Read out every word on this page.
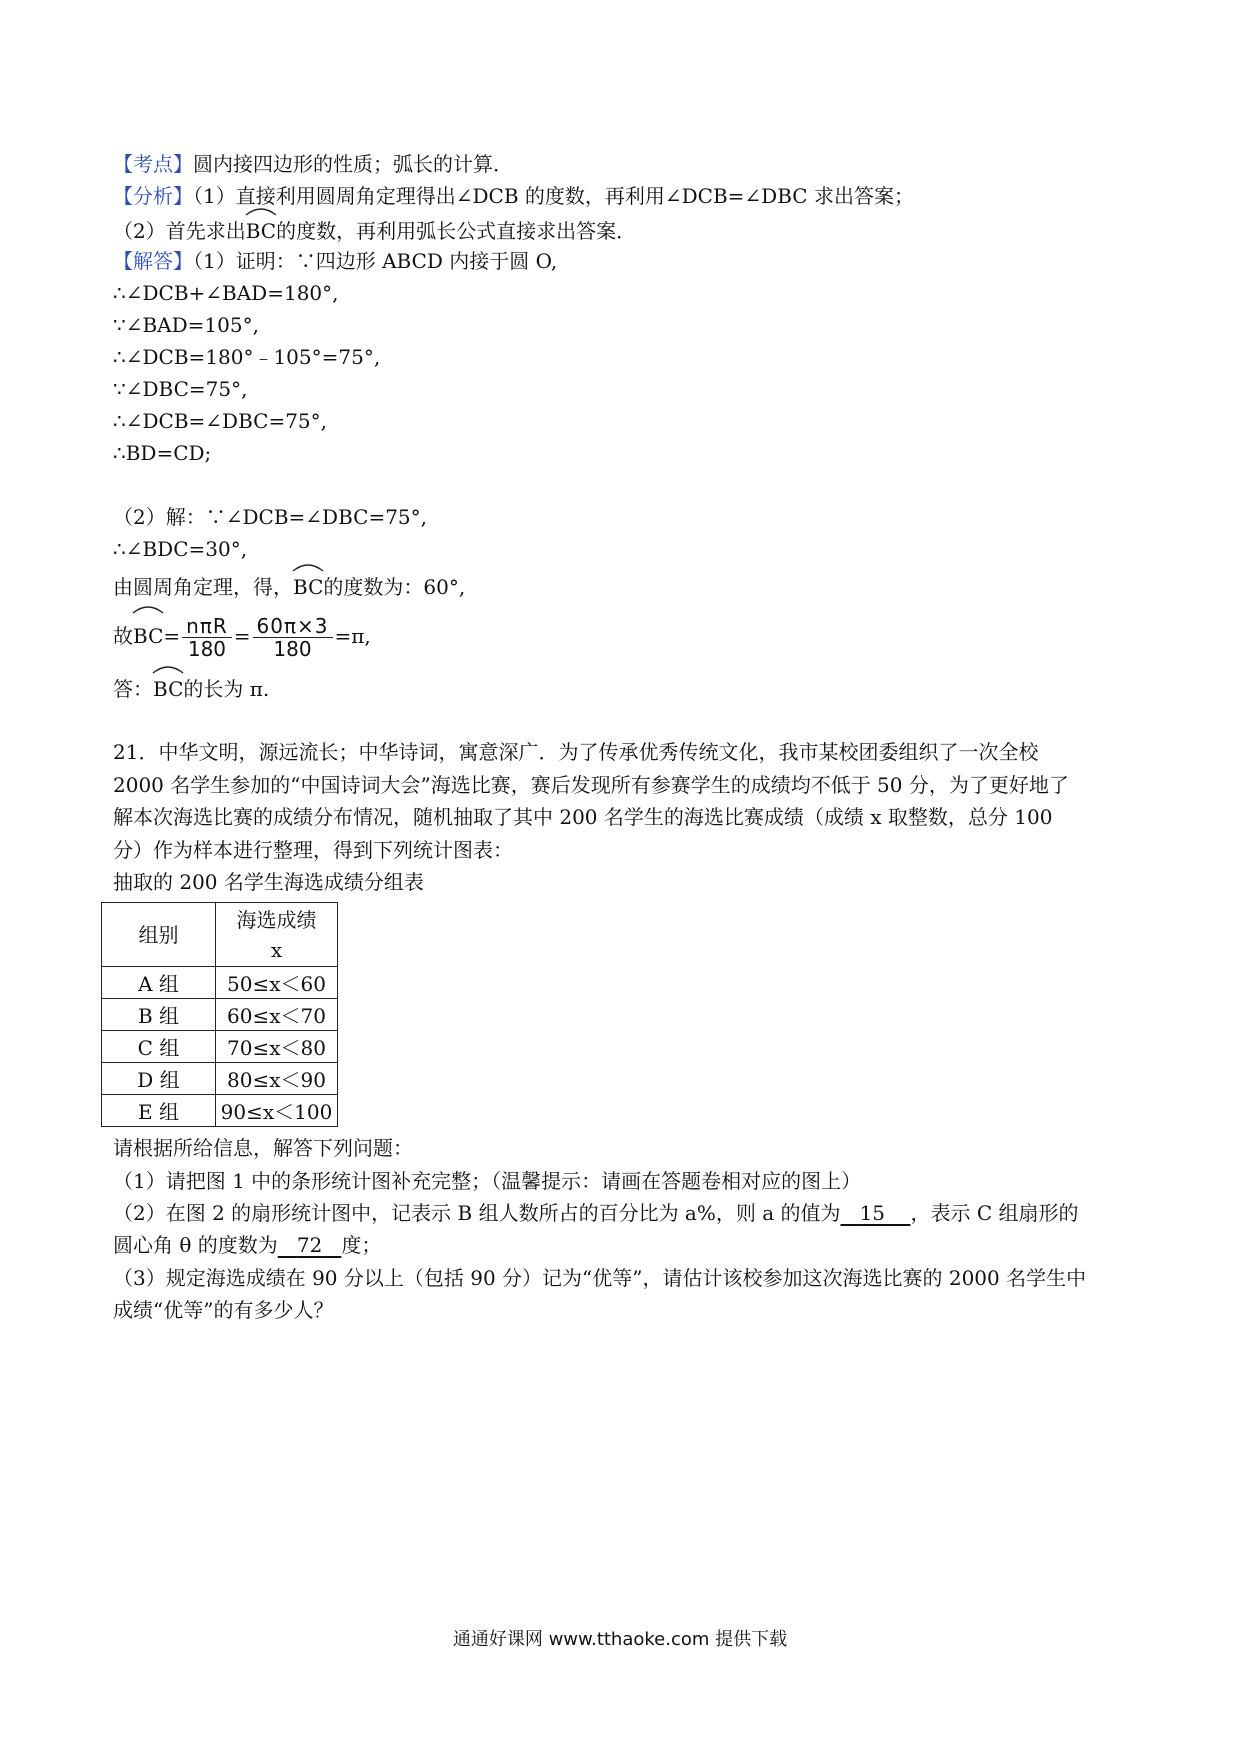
【考点】圆内接四边形的性质；弧长的计算．
【分析】（1）直接利用圆周角定理得出∠DCB 的度数，再利用∠DCB=∠DBC 求出答案；
（2）首先求出
BC的度数，再利用弧长公式直接求出答案．
【解答】（1）证明：∵四边形 ABCD 内接于圆 O,
∴∠DCB+∠BAD=180°,
∵∠BAD=105°,
∴∠DCB=180°﹣105°=75°,
∵∠DBC=75°,
∴∠DCB=∠DBC=75°,
∴BD=CD;
（2）解：∵∠DCB=∠DBC=75°,
∴∠BDC=30°,
由圆周角定理，得，
BC的度数为：60°,
故
$BC= \frac{\text{nπR}}{180} = \frac{60\pi\times 3}{180} =\pi$,
答：
BC的长为 π.
21．中华文明，源远流长；中华诗词，寓意深广．为了传承优秀传统文化，我市某校团委组织了一次全校
2000 名学生参加的“中国诗词大会”海选比赛，赛后发现所有参赛学生的成绩均不低于 50 分，为了更好地了
解本次海选比赛的成绩分布情况，随机抽取了其中 200 名学生的海选比赛成绩（成绩 x 取整数，总分 100
分）作为样本进行整理，得到下列统计图表：
抽取的 200 名学生海选成绩分组表
组别	海选成绩
x
A 组	50≤x＜60
B 组	60≤x＜70
C 组	70≤x＜80
D 组	80≤x＜90
E 组	90≤x＜100
请根据所给信息，解答下列问题：
（1）请把图 1 中的条形统计图补充完整；（温馨提示：请画在答题卷相对应的图上）
（2）在图 2 的扇形统计图中，记表示 B 组人数所占的百分比为 a%，则 a 的值为 15 ，表示 C 组扇形的
圆心角 θ 的度数为 72 度；
（3）规定海选成绩在 90 分以上（包括 90 分）记为“优等”，请估计该校参加这次海选比赛的 2000 名学生中
成绩“优等”的有多少人？
通通好课网 www.tthaoke.com 提供下载
